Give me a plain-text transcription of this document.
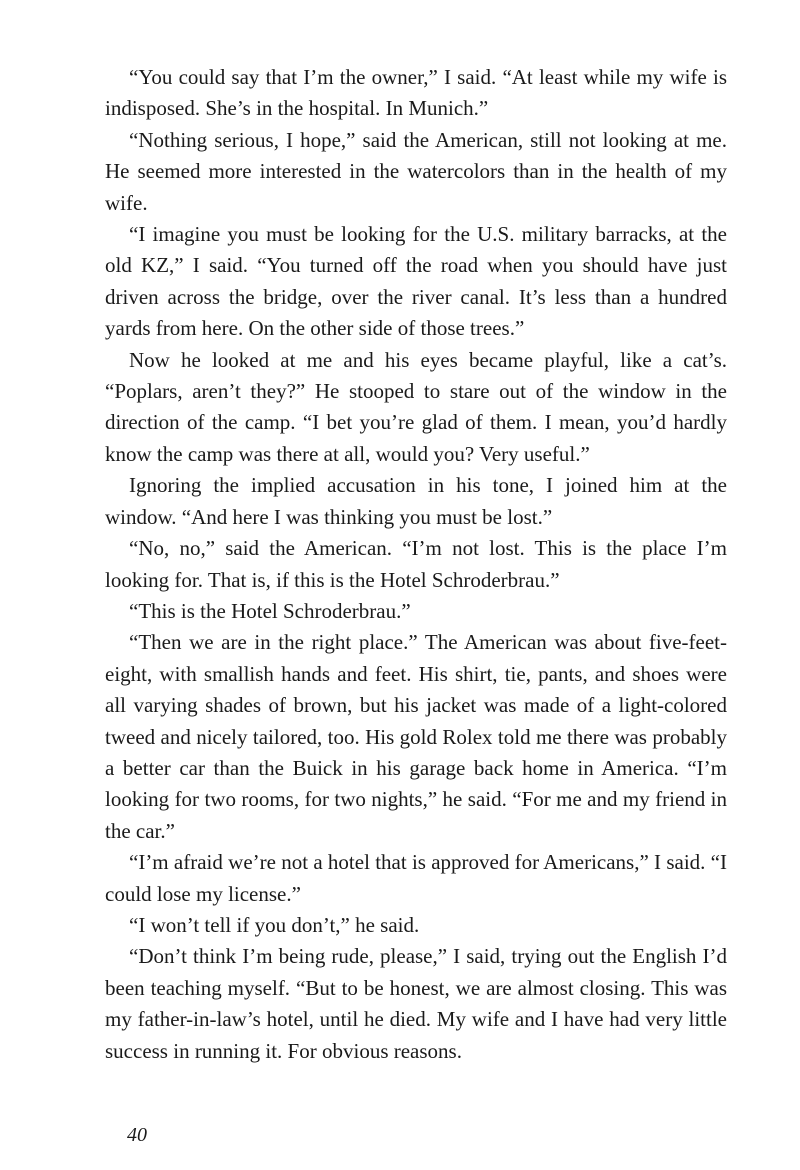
“You could say that I’m the owner,” I said. “At least while my wife is indisposed. She’s in the hospital. In Munich.”

“Nothing serious, I hope,” said the American, still not looking at me. He seemed more interested in the watercolors than in the health of my wife.

“I imagine you must be looking for the U.S. military barracks, at the old KZ,” I said. “You turned off the road when you should have just driven across the bridge, over the river canal. It’s less than a hundred yards from here. On the other side of those trees.”

Now he looked at me and his eyes became playful, like a cat’s. “Poplars, aren’t they?” He stooped to stare out of the window in the direction of the camp. “I bet you’re glad of them. I mean, you’d hardly know the camp was there at all, would you? Very useful.”

Ignoring the implied accusation in his tone, I joined him at the window. “And here I was thinking you must be lost.”

“No, no,” said the American. “I’m not lost. This is the place I’m looking for. That is, if this is the Hotel Schroderbrau.”

“This is the Hotel Schroderbrau.”

“Then we are in the right place.” The American was about five-feet-eight, with smallish hands and feet. His shirt, tie, pants, and shoes were all varying shades of brown, but his jacket was made of a light-colored tweed and nicely tailored, too. His gold Rolex told me there was probably a better car than the Buick in his garage back home in America. “I’m looking for two rooms, for two nights,” he said. “For me and my friend in the car.”

“I’m afraid we’re not a hotel that is approved for Americans,” I said. “I could lose my license.”

“I won’t tell if you don’t,” he said.

“Don’t think I’m being rude, please,” I said, trying out the English I’d been teaching myself. “But to be honest, we are almost closing. This was my father-in-law’s hotel, until he died. My wife and I have had very little success in running it. For obvious reasons.

40
